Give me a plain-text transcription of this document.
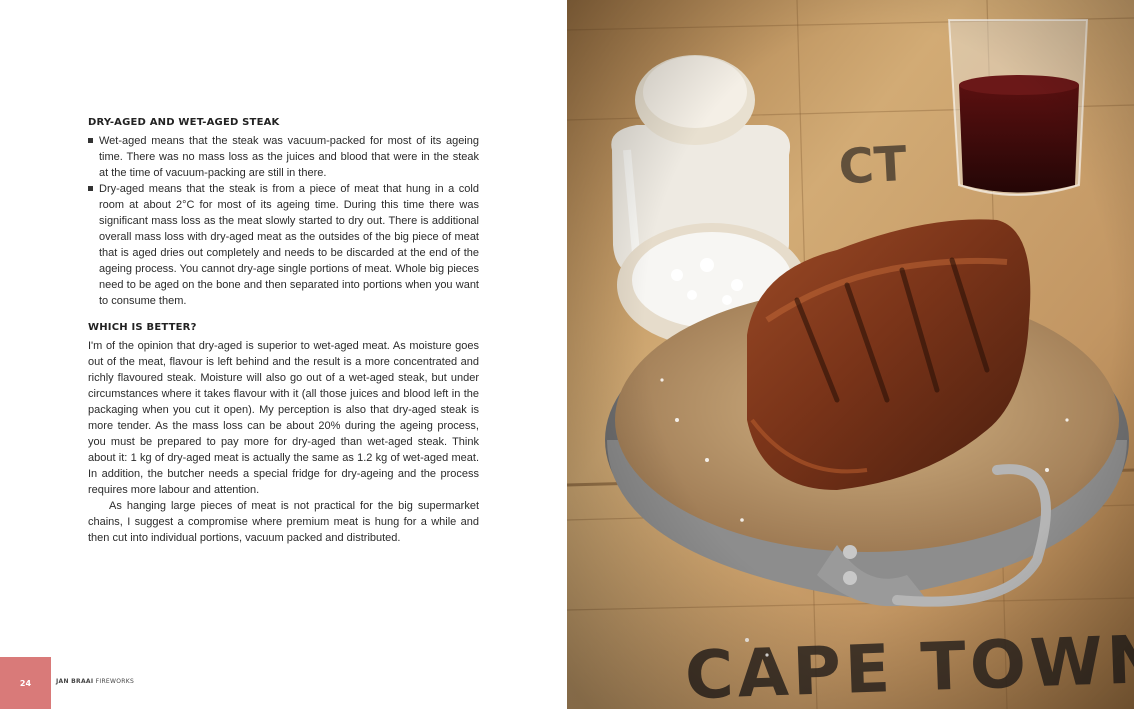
DRY-AGED AND WET-AGED STEAK
Wet-aged means that the steak was vacuum-packed for most of its ageing time. There was no mass loss as the juices and blood that were in the steak at the time of vacuum-packing are still in there.
Dry-aged means that the steak is from a piece of meat that hung in a cold room at about 2°C for most of its ageing time. During this time there was significant mass loss as the meat slowly started to dry out. There is additional overall mass loss with dry-aged meat as the outsides of the big piece of meat that is aged dries out completely and needs to be discarded at the end of the ageing process. You cannot dry-age single portions of meat. Whole big pieces need to be aged on the bone and then separated into portions when you want to consume them.
WHICH IS BETTER?

I'm of the opinion that dry-aged is superior to wet-aged meat. As moisture goes out of the meat, flavour is left behind and the result is a more concentrated and richly flavoured steak. Moisture will also go out of a wet-aged steak, but under circumstances where it takes flavour with it (all those juices and blood left in the packaging when you cut it open). My perception is also that dry-aged steak is more tender. As the mass loss can be about 20% during the ageing process, you must be prepared to pay more for dry-aged than wet-aged steak. Think about it: 1 kg of dry-aged meat is actually the same as 1.2 kg of wet-aged meat. In addition, the butcher needs a special fridge for dry-ageing and the process requires more labour and attention.

As hanging large pieces of meat is not practical for the big supermarket chains, I suggest a compromise where premium meat is hung for a while and then cut into individual portions, vacuum packed and distributed.

24	JAN BRAAI FIREWORKS
